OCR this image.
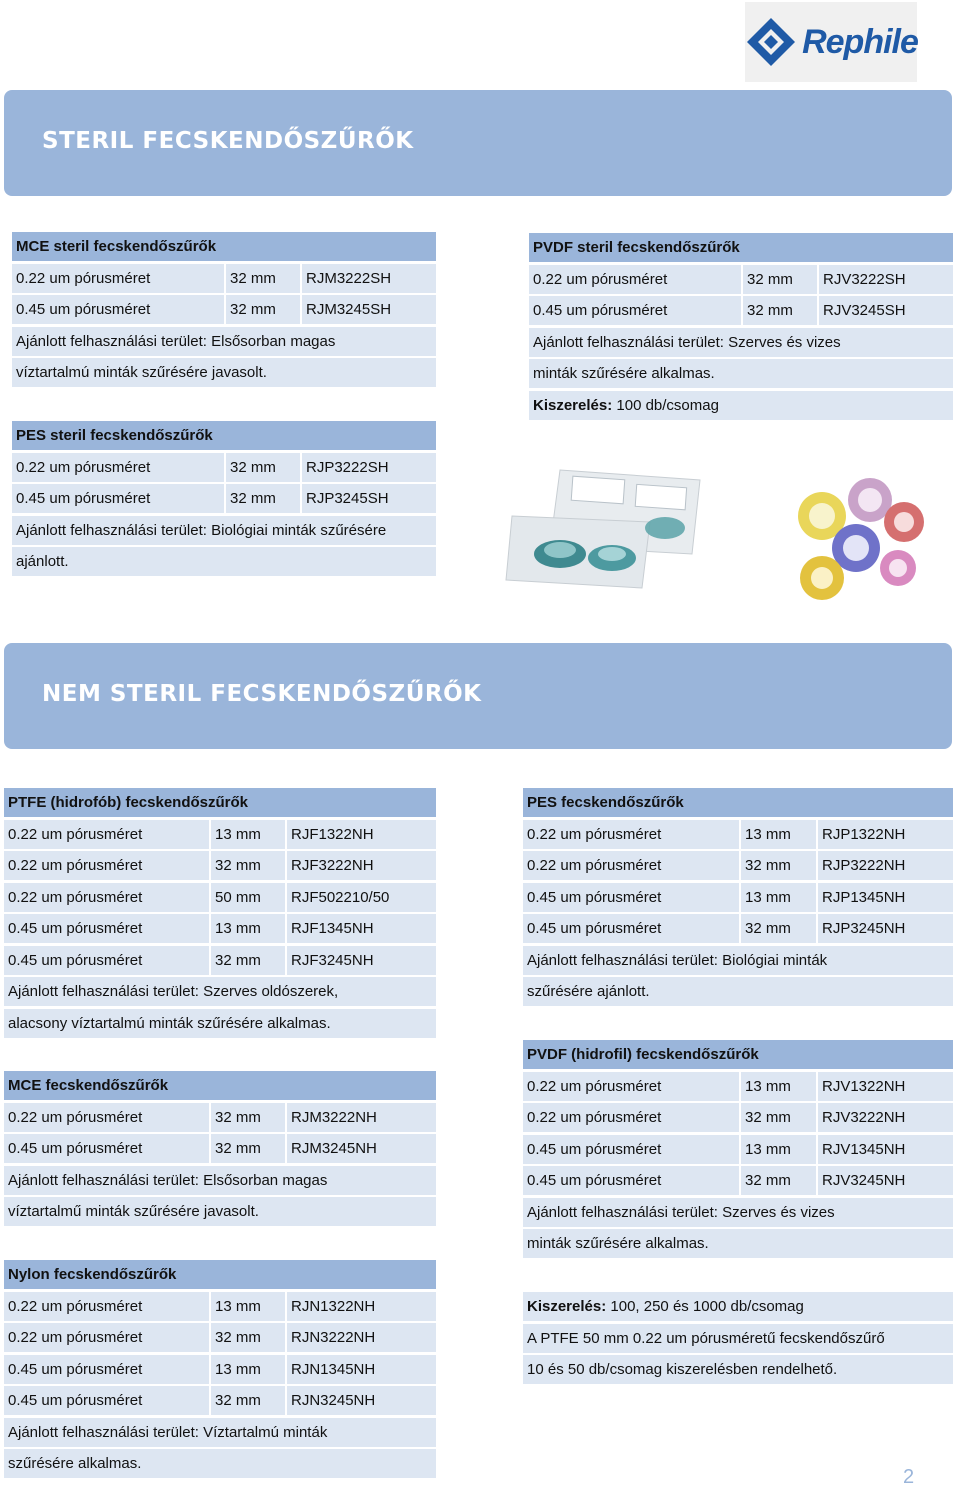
Rephile
STERIL FECSKENDŐSZŰRŐK
MCE steril fecskendőszűrők
0.22 um pórusméret	32 mm	RJM3222SH
0.45 um pórusméret	32 mm	RJM3245SH
Ajánlott felhasználási terület: Elsősorban magas
víztartalmú minták szűrésére javasolt.
PES steril fecskendőszűrők
0.22 um pórusméret	32 mm	RJP3222SH
0.45 um pórusméret	32 mm	RJP3245SH
Ajánlott felhasználási terület: Biológiai minták szűrésére
ajánlott.
PVDF steril fecskendőszűrők
0.22 um pórusméret	32 mm	RJV3222SH
0.45 um pórusméret	32 mm	RJV3245SH
Ajánlott felhasználási terület: Szerves és vizes
minták szűrésére alkalmas.
Kiszerelés: 100 db/csomag
NEM STERIL FECSKENDŐSZŰRŐK
PTFE (hidrofób) fecskendőszűrők
0.22 um pórusméret	13 mm	RJF1322NH
0.22 um pórusméret	32 mm	RJF3222NH
0.22 um pórusméret	50 mm	RJF502210/50
0.45 um pórusméret	13 mm	RJF1345NH
0.45 um pórusméret	32 mm	RJF3245NH
Ajánlott felhasználási terület: Szerves oldószerek,
alacsony víztartalmú minták szűrésére alkalmas.
MCE fecskendőszűrők
0.22 um pórusméret	32 mm	RJM3222NH
0.45 um pórusméret	32 mm	RJM3245NH
Ajánlott felhasználási terület: Elsősorban magas
víztartalmű minták szűrésére javasolt.
Nylon fecskendőszűrők
0.22 um pórusméret	13 mm	RJN1322NH
0.22 um pórusméret	32 mm	RJN3222NH
0.45 um pórusméret	13 mm	RJN1345NH
0.45 um pórusméret	32 mm	RJN3245NH
Ajánlott felhasználási terület: Víztartalmú minták
szűrésére alkalmas.
PES fecskendőszűrők
0.22 um pórusméret	13 mm	RJP1322NH
0.22 um pórusméret	32 mm	RJP3222NH
0.45 um pórusméret	13 mm	RJP1345NH
0.45 um pórusméret	32 mm	RJP3245NH
Ajánlott felhasználási terület: Biológiai minták
szűrésére ajánlott.
PVDF (hidrofil) fecskendőszűrők
0.22 um pórusméret	13 mm	RJV1322NH
0.22 um pórusméret	32 mm	RJV3222NH
0.45 um pórusméret	13 mm	RJV1345NH
0.45 um pórusméret	32 mm	RJV3245NH
Ajánlott felhasználási terület: Szerves és vizes
minták szűrésére alkalmas.
Kiszerelés: 100, 250 és 1000 db/csomag
A PTFE 50 mm 0.22 um pórusméretű fecskendőszűrő
10 és 50 db/csomag kiszerelésben rendelhető.
2
